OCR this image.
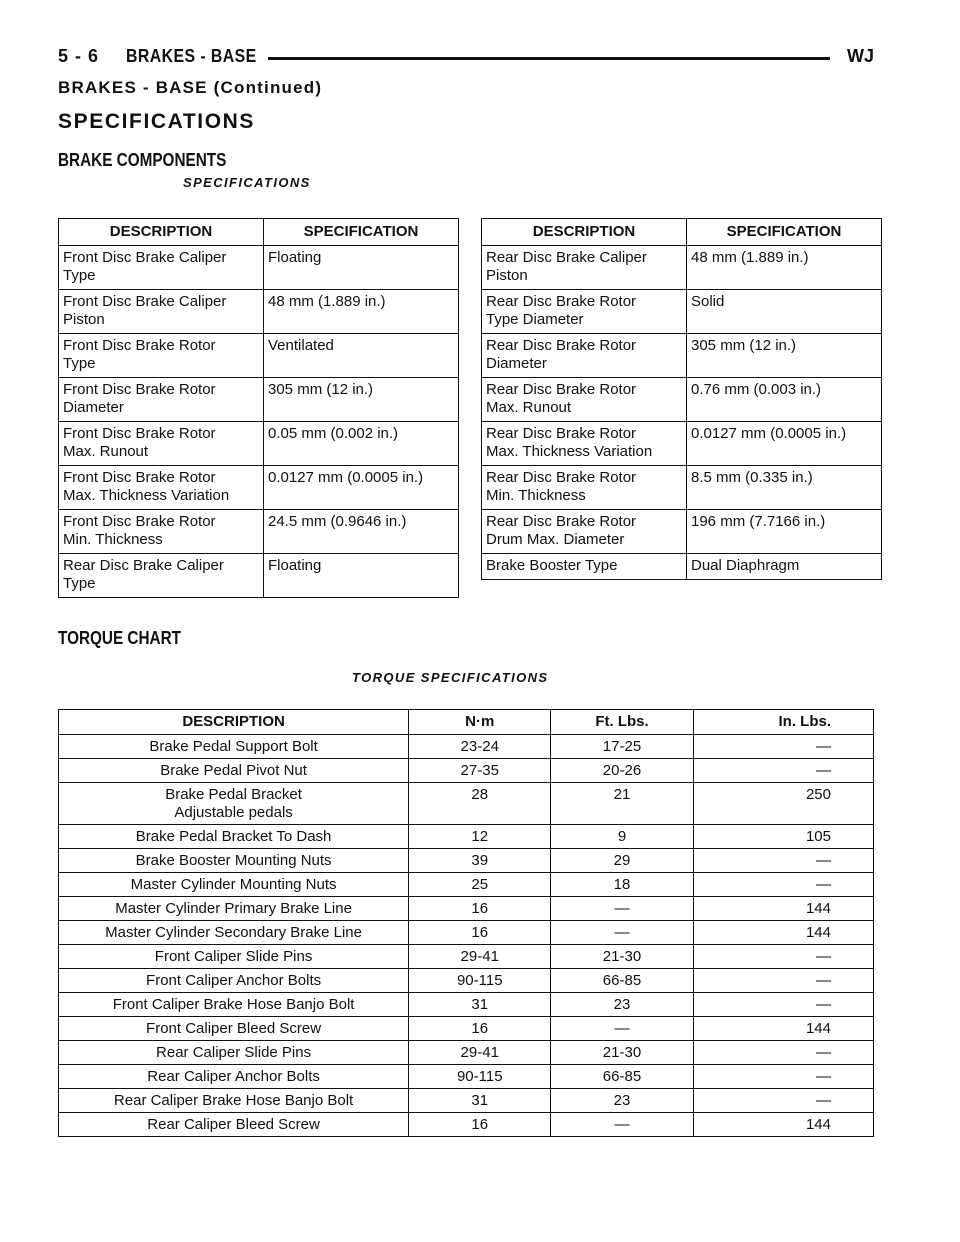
5 - 6 BRAKES - BASE	WJ
BRAKES - BASE (Continued)
SPECIFICATIONS
BRAKE COMPONENTS
SPECIFICATIONS
DESCRIPTION	SPECIFICATION
Front Disc Brake Caliper
Type	Floating
Front Disc Brake Caliper
Piston	48 mm (1.889 in.)
Front Disc Brake Rotor
Type	Ventilated
Front Disc Brake Rotor
Diameter	305 mm (12 in.)
Front Disc Brake Rotor
Max. Runout	0.05 mm (0.002 in.)
Front Disc Brake Rotor
Max. Thickness Variation	0.0127 mm (0.0005 in.)
Front Disc Brake Rotor
Min. Thickness	24.5 mm (0.9646 in.)
Rear Disc Brake Caliper
Type	Floating
DESCRIPTION	SPECIFICATION
Rear Disc Brake Caliper
Piston	48 mm (1.889 in.)
Rear Disc Brake Rotor
Type Diameter	Solid
Rear Disc Brake Rotor
Diameter	305 mm (12 in.)
Rear Disc Brake Rotor
Max. Runout	0.76 mm (0.003 in.)
Rear Disc Brake Rotor
Max. Thickness Variation	0.0127 mm (0.0005 in.)
Rear Disc Brake Rotor
Min. Thickness	8.5 mm (0.335 in.)
Rear Disc Brake Rotor
Drum Max. Diameter	196 mm (7.7166 in.)
Brake Booster Type	Dual Diaphragm
TORQUE CHART
TORQUE SPECIFICATIONS
DESCRIPTION	N·m	Ft. Lbs.	In. Lbs.
Brake Pedal Support Bolt	23-24	17-25	—
Brake Pedal Pivot Nut	27-35	20-26	—
Brake Pedal Bracket
Adjustable pedals	28	21	250
Brake Pedal Bracket To Dash	12	9	105
Brake Booster Mounting Nuts	39	29	—
Master Cylinder Mounting Nuts	25	18	—
Master Cylinder Primary Brake Line	16	—	144
Master Cylinder Secondary Brake Line	16	—	144
Front Caliper Slide Pins	29-41	21-30	—
Front Caliper Anchor Bolts	90-115	66-85	—
Front Caliper Brake Hose Banjo Bolt	31	23	—
Front Caliper Bleed Screw	16	—	144
Rear Caliper Slide Pins	29-41	21-30	—
Rear Caliper Anchor Bolts	90-115	66-85	—
Rear Caliper Brake Hose Banjo Bolt	31	23	—
Rear Caliper Bleed Screw	16	—	144
